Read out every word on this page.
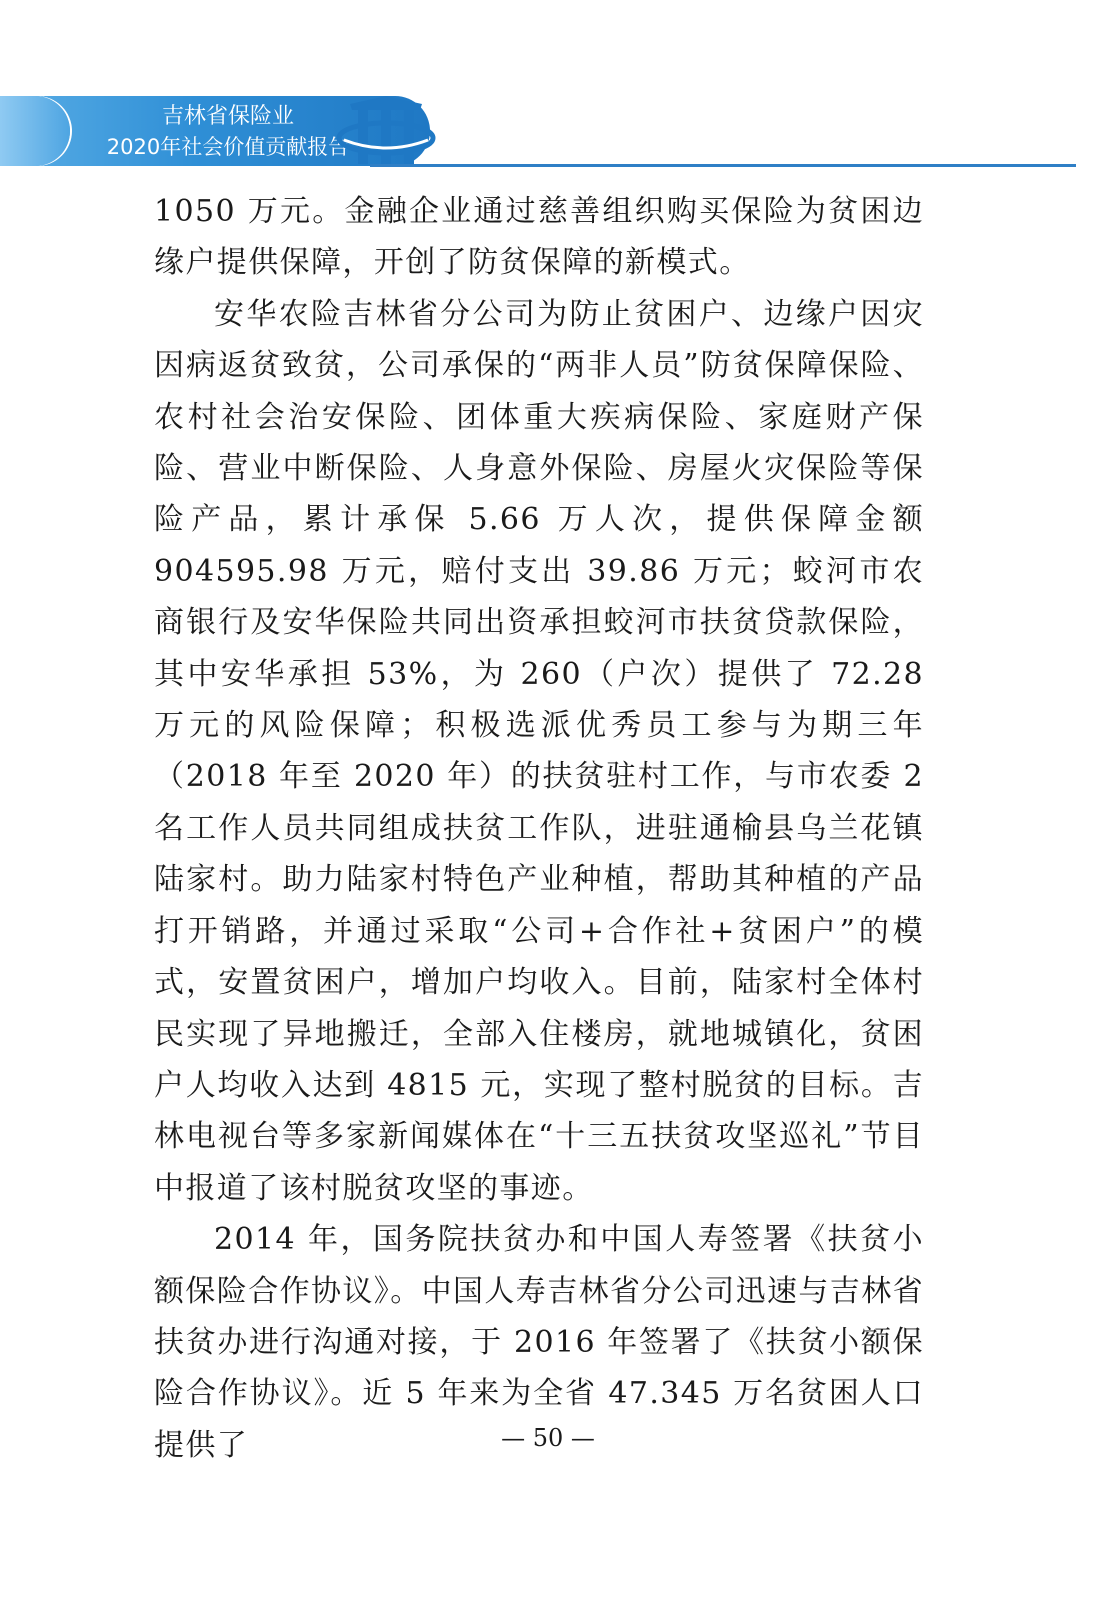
吉林省保险业
2020年社会价值贡献报告

1050 万元。金融企业通过慈善组织购买保险为贫困边缘户提供保障，开创了防贫保障的新模式。

安华农险吉林省分公司为防止贫困户、边缘户因灾因病返贫致贫，公司承保的“两非人员”防贫保障保险、农村社会治安保险、团体重大疾病保险、家庭财产保险、营业中断保险、人身意外保险、房屋火灾保险等保险产品，累计承保 5.66 万人次，提供保障金额 904595.98 万元，赔付支出 39.86 万元；蛟河市农商银行及安华保险共同出资承担蛟河市扶贫贷款保险，其中安华承担 53%，为 260（户次）提供了 72.28 万元的风险保障；积极选派优秀员工参与为期三年（2018 年至 2020 年）的扶贫驻村工作，与市农委 2 名工作人员共同组成扶贫工作队，进驻通榆县乌兰花镇陆家村。助力陆家村特色产业种植，帮助其种植的产品打开销路，并通过采取“公司+合作社+贫困户”的模式，安置贫困户，增加户均收入。目前，陆家村全体村民实现了异地搬迁，全部入住楼房，就地城镇化，贫困户人均收入达到 4815 元，实现了整村脱贫的目标。吉林电视台等多家新闻媒体在“十三五扶贫攻坚巡礼”节目中报道了该村脱贫攻坚的事迹。

2014 年，国务院扶贫办和中国人寿签署《扶贫小额保险合作协议》。中国人寿吉林省分公司迅速与吉林省扶贫办进行沟通对接，于 2016 年签署了《扶贫小额保险合作协议》。近 5 年来为全省 47.345 万名贫困人口提供了	— 50 —
